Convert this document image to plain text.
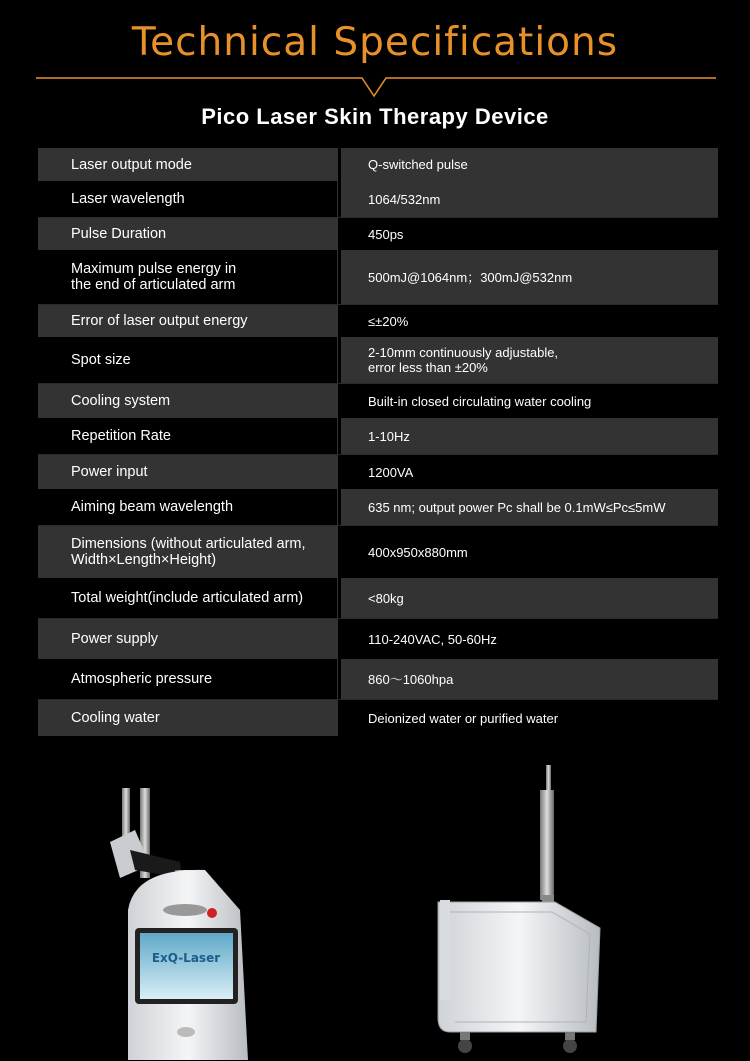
Technical Specifications
Pico Laser Skin Therapy Device
Laser output mode	Q-switched pulse
Laser wavelength	1064/532nm
Pulse Duration	450ps
Maximum pulse energy in
the end of articulated arm	500mJ@1064nm；300mJ@532nm
Error of laser output energy	≤±20%
Spot size	2-10mm continuously adjustable,
error less than ±20%
Cooling system	Built-in closed circulating water cooling
Repetition Rate	1-10Hz
Power input	1200VA
Aiming beam wavelength	635 nm; output power Pc shall be 0.1mW≤Pc≤5mW
Dimensions (without articulated arm,
Width×Length×Height)	400x950x880mm
Total weight(include articulated arm)	<80kg
Power supply	110-240VAC, 50-60Hz
Atmospheric pressure	860～1060hpa
Cooling water	Deionized water or purified water
ExQ-Laser
